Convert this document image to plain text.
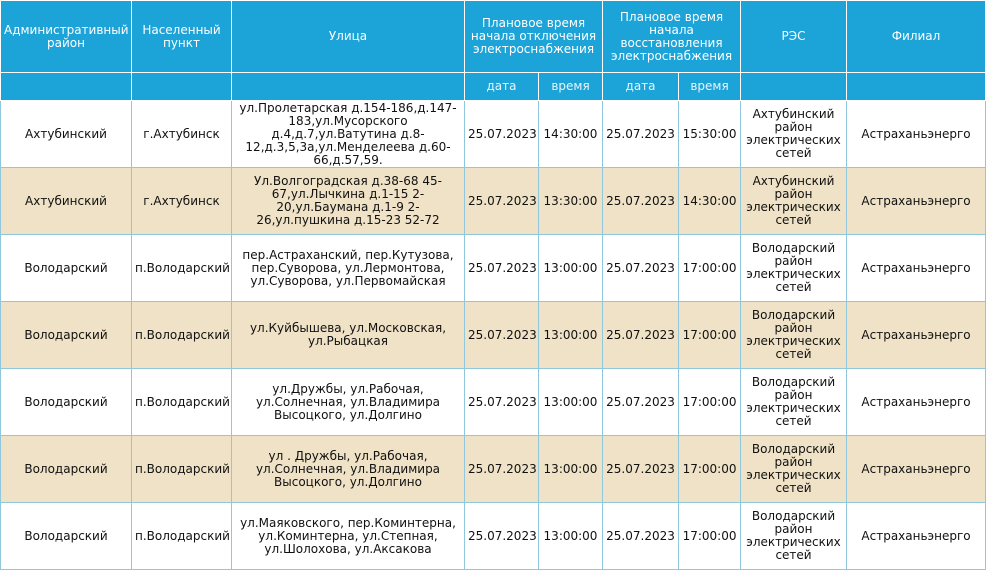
Административный район	Населенный пункт	Улица	Плановое время начала отключения электроснабжения		Плановое время начала восстановления электроснабжения		РЭС	Филиал
			дата	время	дата	время		
Ахтубинский	г.Ахтубинск	ул.Пролетарская д.154-186,д.147-183,ул.Мусорского д.4,д.7,ул.Ватутина д.8-12,д.3,5,3а,ул.Менделеева д.60-66,д.57,59.	25.07.2023	14:30:00	25.07.2023	15:30:00	Ахтубинский район электрических сетей	Астраханьэнерго
Ахтубинский	г.Ахтубинск	Ул.Волгоградская д.38-68 45-67,ул.Лычкина д.1-15 2-20,ул.Баумана д.1-9 2-26,ул.пушкина д.15-23 52-72	25.07.2023	13:30:00	25.07.2023	14:30:00	Ахтубинский район электрических сетей	Астраханьэнерго
Володарский	п.Володарский	пер.Астраханский, пер.Кутузова, пер.Суворова, ул.Лермонтова, ул.Суворова, ул.Первомайская	25.07.2023	13:00:00	25.07.2023	17:00:00	Володарский район электрических сетей	Астраханьэнерго
Володарский	п.Володарский	ул.Куйбышева, ул.Московская, ул.Рыбацкая	25.07.2023	13:00:00	25.07.2023	17:00:00	Володарский район электрических сетей	Астраханьэнерго
Володарский	п.Володарский	ул.Дружбы, ул.Рабочая, ул.Солнечная, ул.Владимира Высоцкого, ул.Долгино	25.07.2023	13:00:00	25.07.2023	17:00:00	Володарский район электрических сетей	Астраханьэнерго
Володарский	п.Володарский	ул . Дружбы, ул.Рабочая, ул.Солнечная, ул.Владимира Высоцкого, ул.Долгино	25.07.2023	13:00:00	25.07.2023	17:00:00	Володарский район электрических сетей	Астраханьэнерго
Володарский	п.Володарский	ул.Маяковского, пер.Коминтерна, ул.Коминтерна, ул.Степная, ул.Шолохова, ул.Аксакова	25.07.2023	13:00:00	25.07.2023	17:00:00	Володарский район электрических сетей	Астраханьэнерго
